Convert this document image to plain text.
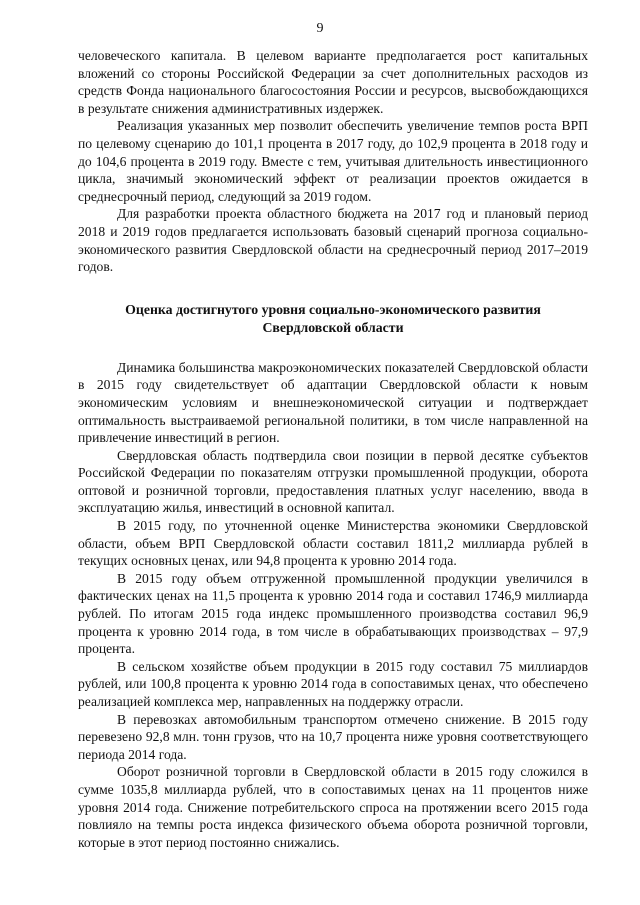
9

человеческого капитала. В целевом варианте предполагается рост капитальных вложений со стороны Российской Федерации за счет дополнительных расходов из средств Фонда национального благосостояния России и ресурсов, высвобождающихся в результате снижения административных издержек.

Реализация указанных мер позволит обеспечить увеличение темпов роста ВРП по целевому сценарию до 101,1 процента в 2017 году, до 102,9 процента в 2018 году и до 104,6 процента в 2019 году. Вместе с тем, учитывая длительность инвестиционного цикла, значимый экономический эффект от реализации проектов ожидается в среднесрочный период, следующий за 2019 годом.

Для разработки проекта областного бюджета на 2017 год и плановый период 2018 и 2019 годов предлагается использовать базовый сценарий прогноза социально-экономического развития Свердловской области на среднесрочный период 2017–2019 годов.

Оценка достигнутого уровня социально-экономического развития
Свердловской области

Динамика большинства макроэкономических показателей Свердловской области в 2015 году свидетельствует об адаптации Свердловской области к новым экономическим условиям и внешнеэкономической ситуации и подтверждает оптимальность выстраиваемой региональной политики, в том числе направленной на привлечение инвестиций в регион.

Свердловская область подтвердила свои позиции в первой десятке субъектов Российской Федерации по показателям отгрузки промышленной продукции, оборота оптовой и розничной торговли, предоставления платных услуг населению, ввода в эксплуатацию жилья, инвестиций в основной капитал.

В 2015 году, по уточненной оценке Министерства экономики Свердловской области, объем ВРП Свердловской области составил 1811,2 миллиарда рублей в текущих основных ценах, или 94,8 процента к уровню 2014 года.

В 2015 году объем отгруженной промышленной продукции увеличился в фактических ценах на 11,5 процента к уровню 2014 года и составил 1746,9 миллиарда рублей. По итогам 2015 года индекс промышленного производства составил 96,9 процента к уровню 2014 года, в том числе в обрабатывающих производствах – 97,9 процента.

В сельском хозяйстве объем продукции в 2015 году составил 75 миллиардов рублей, или 100,8 процента к уровню 2014 года в сопоставимых ценах, что обеспечено реализацией комплекса мер, направленных на поддержку отрасли.

В перевозках автомобильным транспортом отмечено снижение. В 2015 году перевезено 92,8 млн. тонн грузов, что на 10,7 процента ниже уровня соответствующего периода 2014 года.

Оборот розничной торговли в Свердловской области в 2015 году сложился в сумме 1035,8 миллиарда рублей, что в сопоставимых ценах на 11 процентов ниже уровня 2014 года. Снижение потребительского спроса на протяжении всего 2015 года повлияло на темпы роста индекса физического объема оборота розничной торговли, которые в этот период постоянно снижались.
